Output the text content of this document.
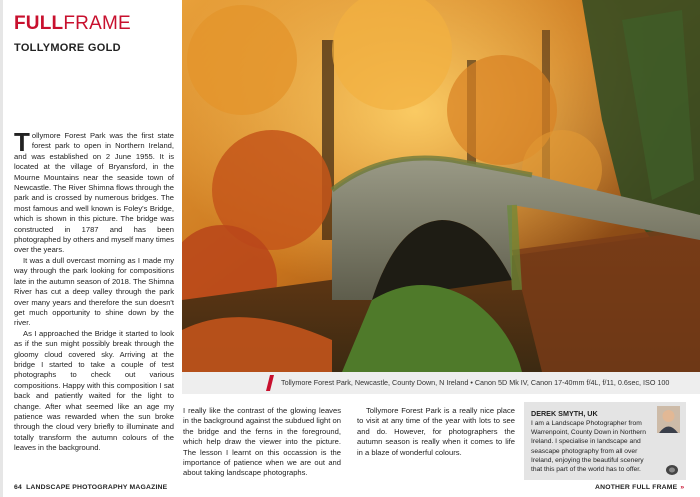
FULLFRAME
TOLLYMORE GOLD
Tollymore Forest Park, Newcastle, County Down, N Ireland • Canon 5D Mk IV, Canon 17-40mm f/4L, f/11, 0.6sec, ISO 100

Tollymore Forest Park was the first state forest park to open in Northern Ireland, and was established on 2 June 1955. It is located at the village of Bryansford, in the Mourne Mountains near the seaside town of Newcastle. The River Shimna flows through the park and is crossed by numerous bridges. The most famous and well known is Foley's Bridge, which is shown in this picture. The bridge was constructed in 1787 and has been photographed by others and myself many times over the years.

It was a dull overcast morning as I made my way through the park looking for compositions late in the autumn season of 2018. The Shimna River has cut a deep valley through the park over many years and therefore the sun doesn't get much opportunity to shine down by the river.

As I approached the Bridge it started to look as if the sun might possibly break through the gloomy cloud covered sky. Arriving at the bridge I started to take a couple of test photographs to check out various compositions. Happy with this composition I sat back and patiently waited for the light to change. After what seemed like an age my patience was rewarded when the sun broke through the cloud very briefly to illuminate and totally transform the autumn colours of the leaves in the background.

I really like the contrast of the glowing leaves in the background against the subdued light on the bridge and the ferns in the foreground, which help draw the viewer into the picture. The lesson I learnt on this occassion is the importance of patience when we are out and about taking landscape photographs.

Tollymore Forest Park is a really nice place to visit at any time of the year with lots to see and do. However, for photographers the autumn season is really when it comes to life in a blaze of wonderful colours.

DEREK SMYTH, UK
I am a Landscape Photographer from Warrenpoint, County Down in Northern Ireland. I specialise in landscape and seascape photography from all over Ireland, enjoying the beautiful scenery that this part of the world has to offer.
64 LANDSCAPE PHOTOGRAPHY MAGAZINE	ANOTHER FULL FRAME »
